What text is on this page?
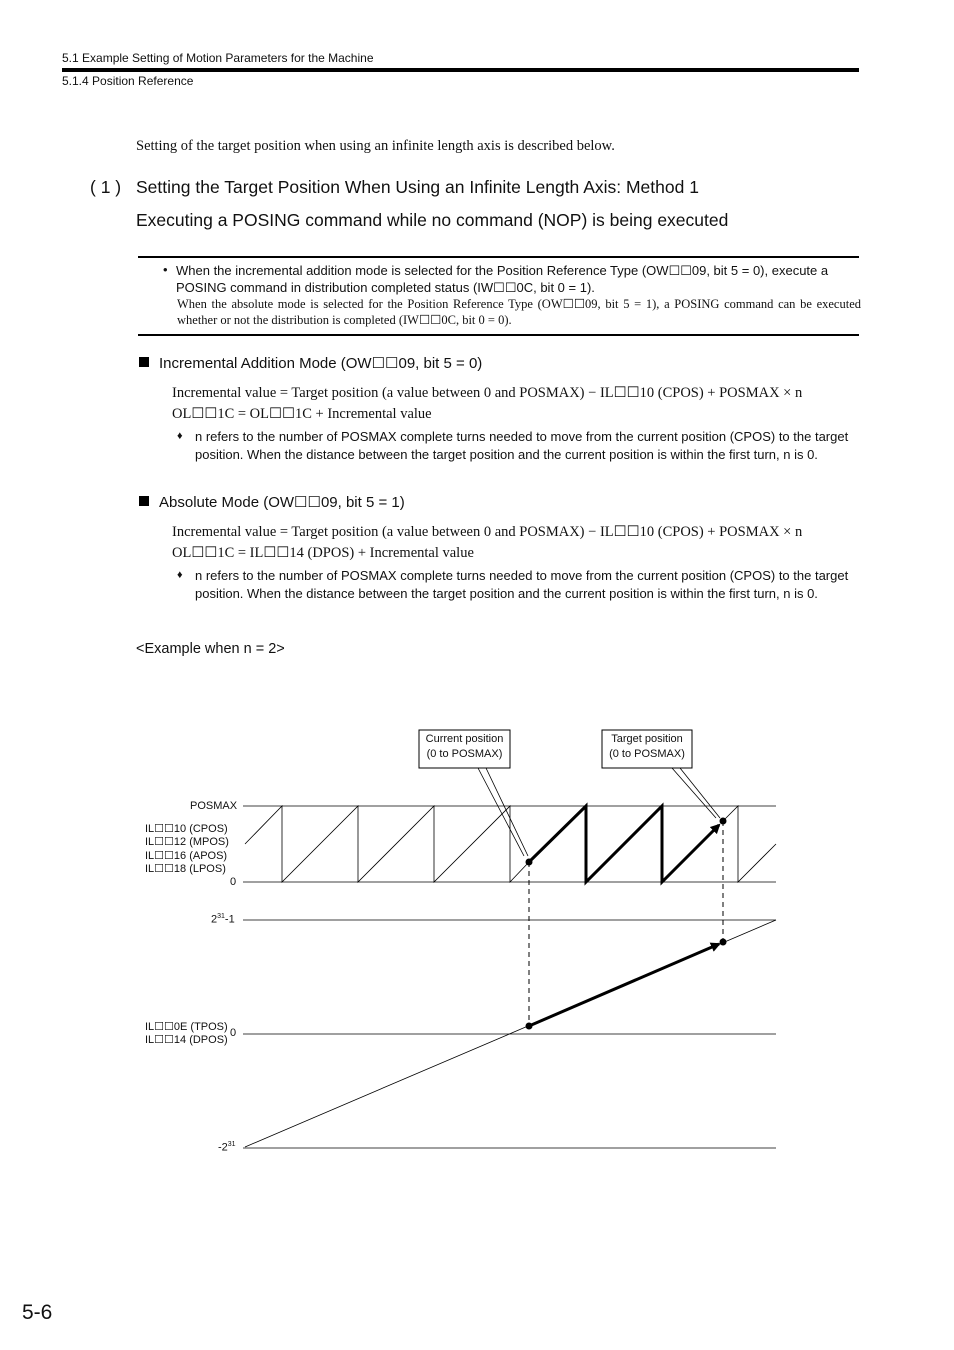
5.1 Example Setting of Motion Parameters for the Machine
5.1.4 Position Reference
Setting of the target position when using an infinite length axis is described below.
( 1 ) Setting the Target Position When Using an Infinite Length Axis: Method 1
Executing a POSING command while no command (NOP) is being executed
• When the incremental addition mode is selected for the Position Reference Type (OW☐☐09, bit 5 = 0), execute a POSING command in distribution completed status (IW☐☐0C, bit 0 = 1).
When the absolute mode is selected for the Position Reference Type (OW☐☐09, bit 5 = 1), a POSING command can be executed whether or not the distribution is completed (IW☐☐0C, bit 0 = 0).
Incremental Addition Mode (OW☐☐09, bit 5 = 0)
Incremental value = Target position (a value between 0 and POSMAX) − IL☐☐10 (CPOS) + POSMAX × n
OL☐☐1C = OL☐☐1C + Incremental value
♦ n refers to the number of POSMAX complete turns needed to move from the current position (CPOS) to the target position. When the distance between the target position and the current position is within the first turn, n is 0.
Absolute Mode (OW☐☐09, bit 5 = 1)
Incremental value = Target position (a value between 0 and POSMAX) − IL☐☐10 (CPOS) + POSMAX × n
OL☐☐1C = IL☐☐14 (DPOS) + Incremental value
♦ n refers to the number of POSMAX complete turns needed to move from the current position (CPOS) to the target position. When the distance between the target position and the current position is within the first turn, n is 0.
<Example when n = 2>
Current position
(0 to POSMAX)
Target position
(0 to POSMAX)
POSMAX
IL☐☐10 (CPOS)
IL☐☐12 (MPOS)
IL☐☐16 (APOS)
IL☐☐18 (LPOS)
0
$2^{31}-1$
IL☐☐0E (TPOS)
IL☐☐14 (DPOS)
0
$-2^{31}$
5-6
